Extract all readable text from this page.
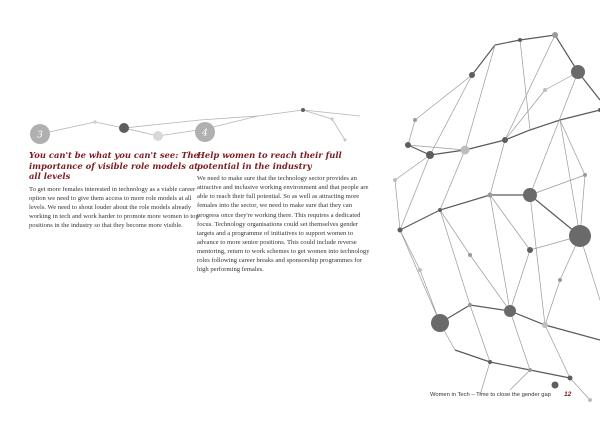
3	4
You can't be what you can't see: The importance of visible role models at all levels

To get more females interested in technology as a viable career option we need to give them access to more role models at all levels. We need to shout louder about the role models already working in tech and work harder to promote more women to top positions in the industry so that they become more visible.

Help women to reach their full potential in the industry

We need to make sure that the technology sector provides an attractive and inclusive working environment and that people are able to reach their full potential. So as well as attracting more females into the sector, we need to make sure that they can progress once they're working there. This requires a dedicated focus. Technology organisations could set themselves gender targets and a programme of initiatives to support women to advance to more senior positions. This could include reverse mentoring, return to work schemes to get women into technology roles following career breaks and sponsorship programmes for high performing females.

Women in Tech – Time to close the gender gap 12
